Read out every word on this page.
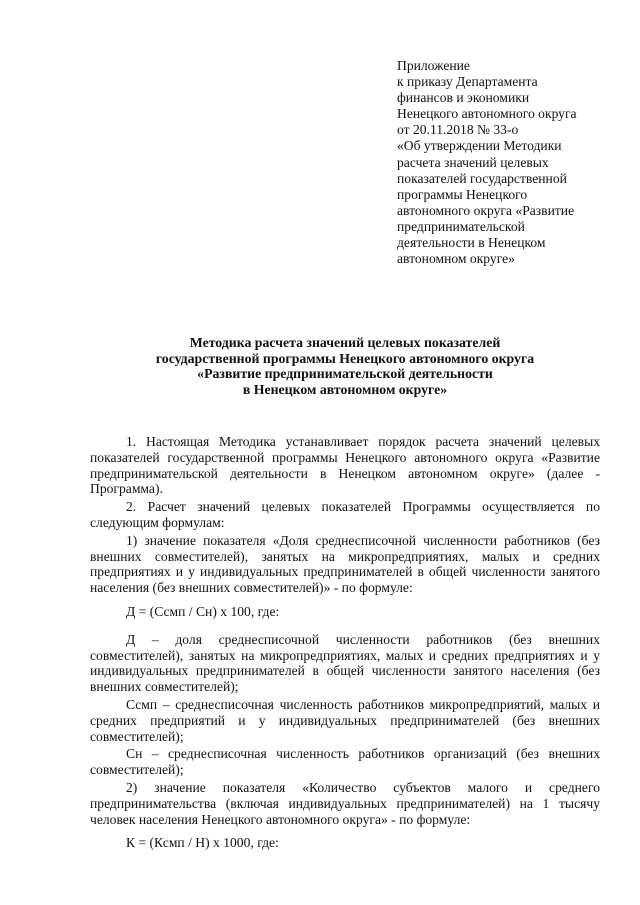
Приложение
к приказу Департамента
финансов и экономики
Ненецкого автономного округа
от 20.11.2018 № 33-о
«Об утверждении Методики
расчета значений целевых
показателей государственной
программы Ненецкого
автономного округа «Развитие
предпринимательской
деятельности в Ненецком
автономном округе»
Методика расчета значений целевых показателей
государственной программы Ненецкого автономного округа
«Развитие предпринимательской деятельности
в Ненецком автономном округе»

1. Настоящая Методика устанавливает порядок расчета значений целевых показателей государственной программы Ненецкого автономного округа «Развитие предпринимательской деятельности в Ненецком автономном округе» (далее - Программа).

2. Расчет значений целевых показателей Программы осуществляется по следующим формулам:

1) значение показателя «Доля среднесписочной численности работников (без внешних совместителей), занятых на микропредприятиях, малых и средних предприятиях и у индивидуальных предпринимателей в общей численности занятого населения (без внешних совместителей)» - по формуле:

Д = (Ссмп / Сн) х 100, где:

Д – доля среднесписочной численности работников (без внешних совместителей), занятых на микропредприятиях, малых и средних предприятиях и у индивидуальных предпринимателей в общей численности занятого населения (без внешних совместителей);

Ссмп – среднесписочная численность работников микропредприятий, малых и средних предприятий и у индивидуальных предпринимателей (без внешних совместителей);

Сн – среднесписочная численность работников организаций (без внешних совместителей);

2) значение показателя «Количество субъектов малого и среднего предпринимательства (включая индивидуальных предпринимателей) на 1 тысячу человек населения Ненецкого автономного округа» - по формуле:

К = (Ксмп / Н) х 1000, где:
